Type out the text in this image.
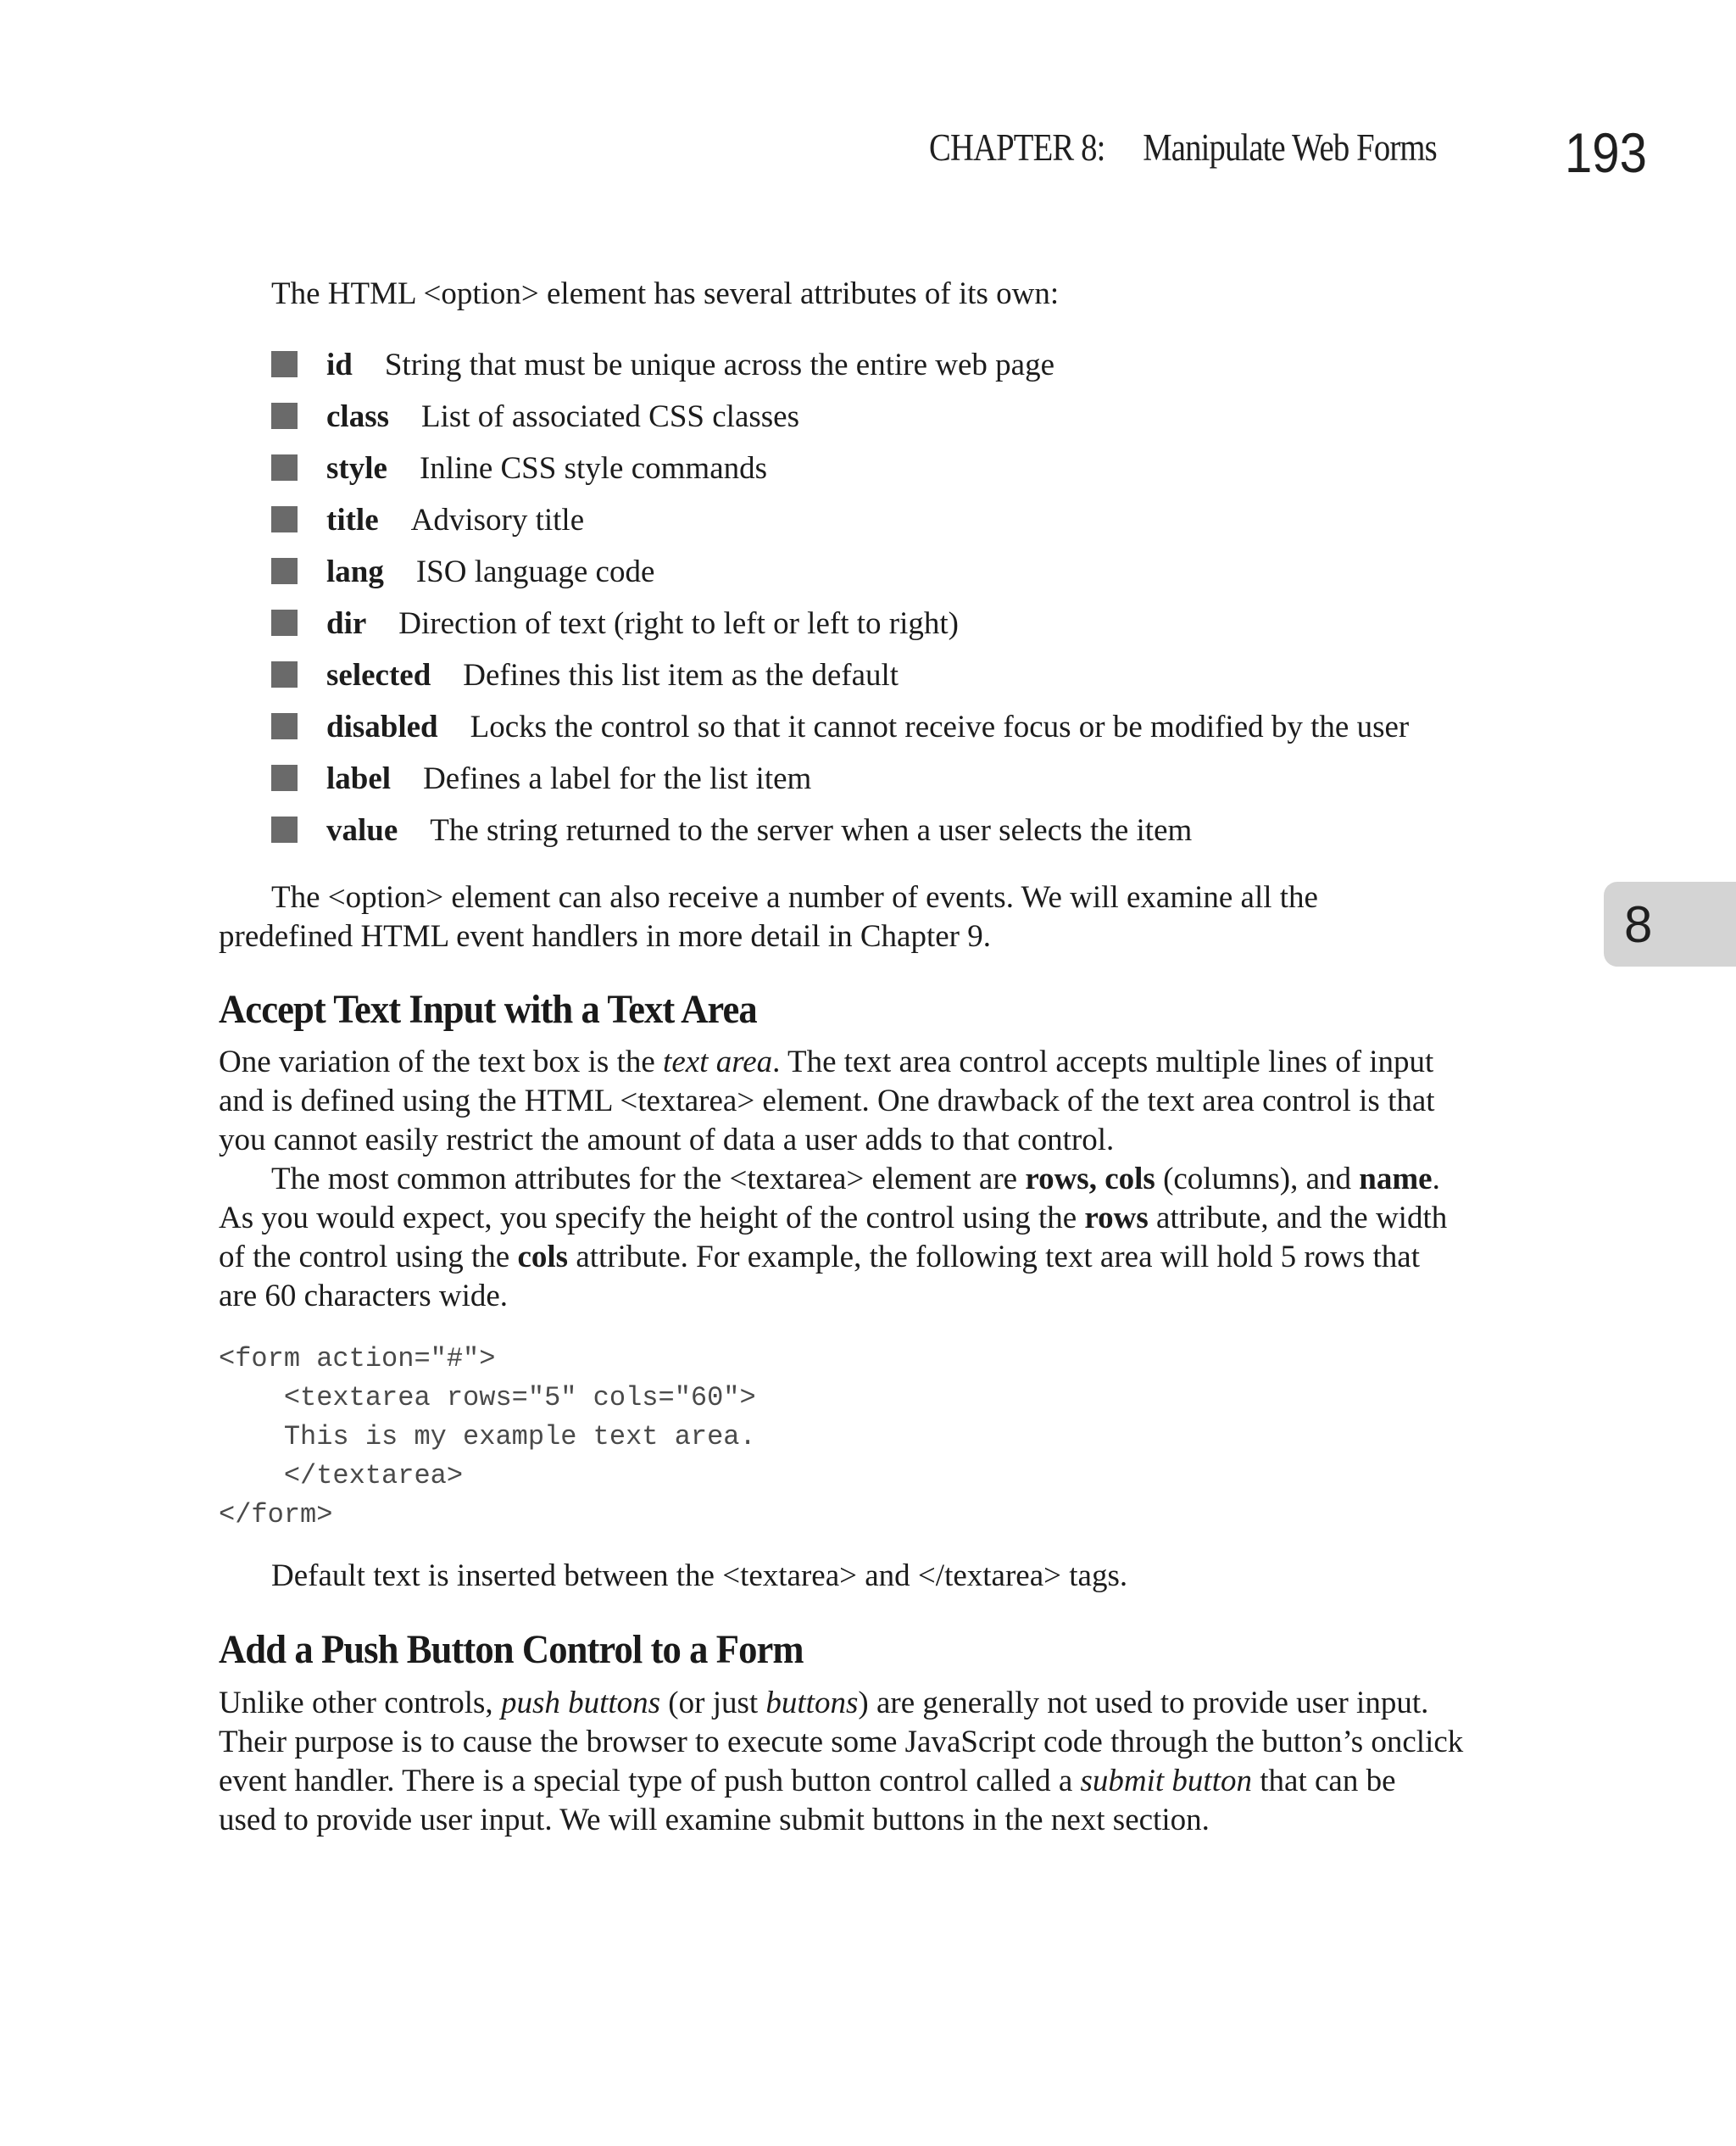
CHAPTER 8: Manipulate Web Forms 193
8

The HTML <option> element has several attributes of its own:

id String that must be unique across the entire web page
class List of associated CSS classes
style Inline CSS style commands
title Advisory title
lang ISO language code
dir Direction of text (right to left or left to right)
selected Defines this list item as the default
disabled Locks the control so that it cannot receive focus or be modified by the user
label Defines a label for the list item
value The string returned to the server when a user selects the item

The <option> element can also receive a number of events. We will examine all the
predefined HTML event handlers in more detail in Chapter 9.

Accept Text Input with a Text Area
One variation of the text box is the text area. The text area control accepts multiple lines of input
and is defined using the HTML <textarea> element. One drawback of the text area control is that
you cannot easily restrict the amount of data a user adds to that control.
The most common attributes for the <textarea> element are rows, cols (columns), and name.
As you would expect, you specify the height of the control using the rows attribute, and the width
of the control using the cols attribute. For example, the following text area will hold 5 rows that
are 60 characters wide.
<form action="#">
<textarea rows="5" cols="60">
This is my example text area.
</textarea>
</form>

Default text is inserted between the <textarea> and </textarea> tags.

Add a Push Button Control to a Form
Unlike other controls, push buttons (or just buttons) are generally not used to provide user input.
Their purpose is to cause the browser to execute some JavaScript code through the button’s onclick
event handler. There is a special type of push button control called a submit button that can be
used to provide user input. We will examine submit buttons in the next section.
